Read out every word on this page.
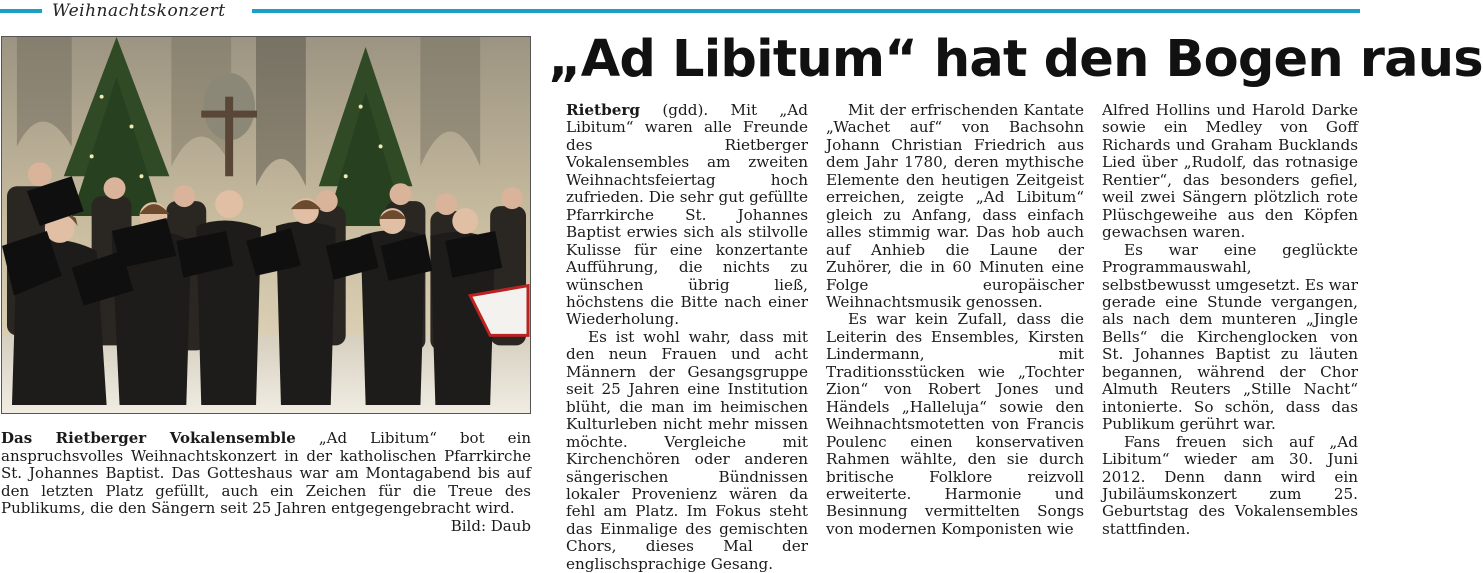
Weihnachtskonzert
Das Rietberger Vokalensemble „Ad Libitum“ bot ein anspruchsvolles Weihnachtskonzert in der katholischen Pfarrkirche St. Johannes Baptist. Das Gotteshaus war am Montagabend bis auf den letzten Platz gefüllt, auch ein Zeichen für die Treue des Publikums, die den Sängern seit 25 Jahren entgegengebracht wird.
Bild: Daub
„Ad Libitum“ hat den Bogen raus

Rietberg (gdd). Mit „Ad Libitum“ waren alle Freunde des Rietberger Vokalensembles am zweiten Weihnachtsfeiertag hoch zufrieden. Die sehr gut gefüllte Pfarrkirche St. Johannes Baptist erwies sich als stilvolle Kulisse für eine konzertante Aufführung, die nichts zu wünschen übrig ließ, höchstens die Bitte nach einer Wiederholung.

Es ist wohl wahr, dass mit den neun Frauen und acht Männern der Gesangsgruppe seit 25 Jahren eine Institution blüht, die man im heimischen Kulturleben nicht mehr missen möchte. Vergleiche mit Kirchenchören oder anderen sängerischen Bündnissen lokaler Provenienz wären da fehl am Platz. Im Fokus steht das Einmalige des gemischten Chors, dieses Mal der englischsprachige Gesang.

Mit der erfrischenden Kantate „Wachet auf“ von Bachsohn Johann Christian Friedrich aus dem Jahr 1780, deren mythische Elemente den heutigen Zeitgeist erreichen, zeigte „Ad Libitum“ gleich zu Anfang, dass einfach alles stimmig war. Das hob auch auf Anhieb die Laune der Zuhörer, die in 60 Minuten eine Folge europäischer Weihnachtsmusik genossen.

Es war kein Zufall, dass die Leiterin des Ensembles, Kirsten Lindermann, mit Traditionsstücken wie „Tochter Zion“ von Robert Jones und Händels „Halleluja“ sowie den Weihnachtsmotetten von Francis Poulenc einen konservativen Rahmen wählte, den sie durch britische Folklore reizvoll erweiterte. Harmonie und Besinnung vermittelten Songs von modernen Komponisten wie

Alfred Hollins und Harold Darke sowie ein Medley von Goff Richards und Graham Bucklands Lied über „Rudolf, das rotnasige Rentier“, das besonders gefiel, weil zwei Sängern plötzlich rote Plüschgeweihe aus den Köpfen gewachsen waren.

Es war eine geglückte Programmauswahl, selbstbewusst umgesetzt. Es war gerade eine Stunde vergangen, als nach dem munteren „Jingle Bells“ die Kirchenglocken von St. Johannes Baptist zu läuten begannen, während der Chor Almuth Reuters „Stille Nacht“ intonierte. So schön, dass das Publikum gerührt war.

Fans freuen sich auf „Ad Libitum“ wieder am 30. Juni 2012. Denn dann wird ein Jubiläumskonzert zum 25. Geburtstag des Vokalensembles stattfinden.
